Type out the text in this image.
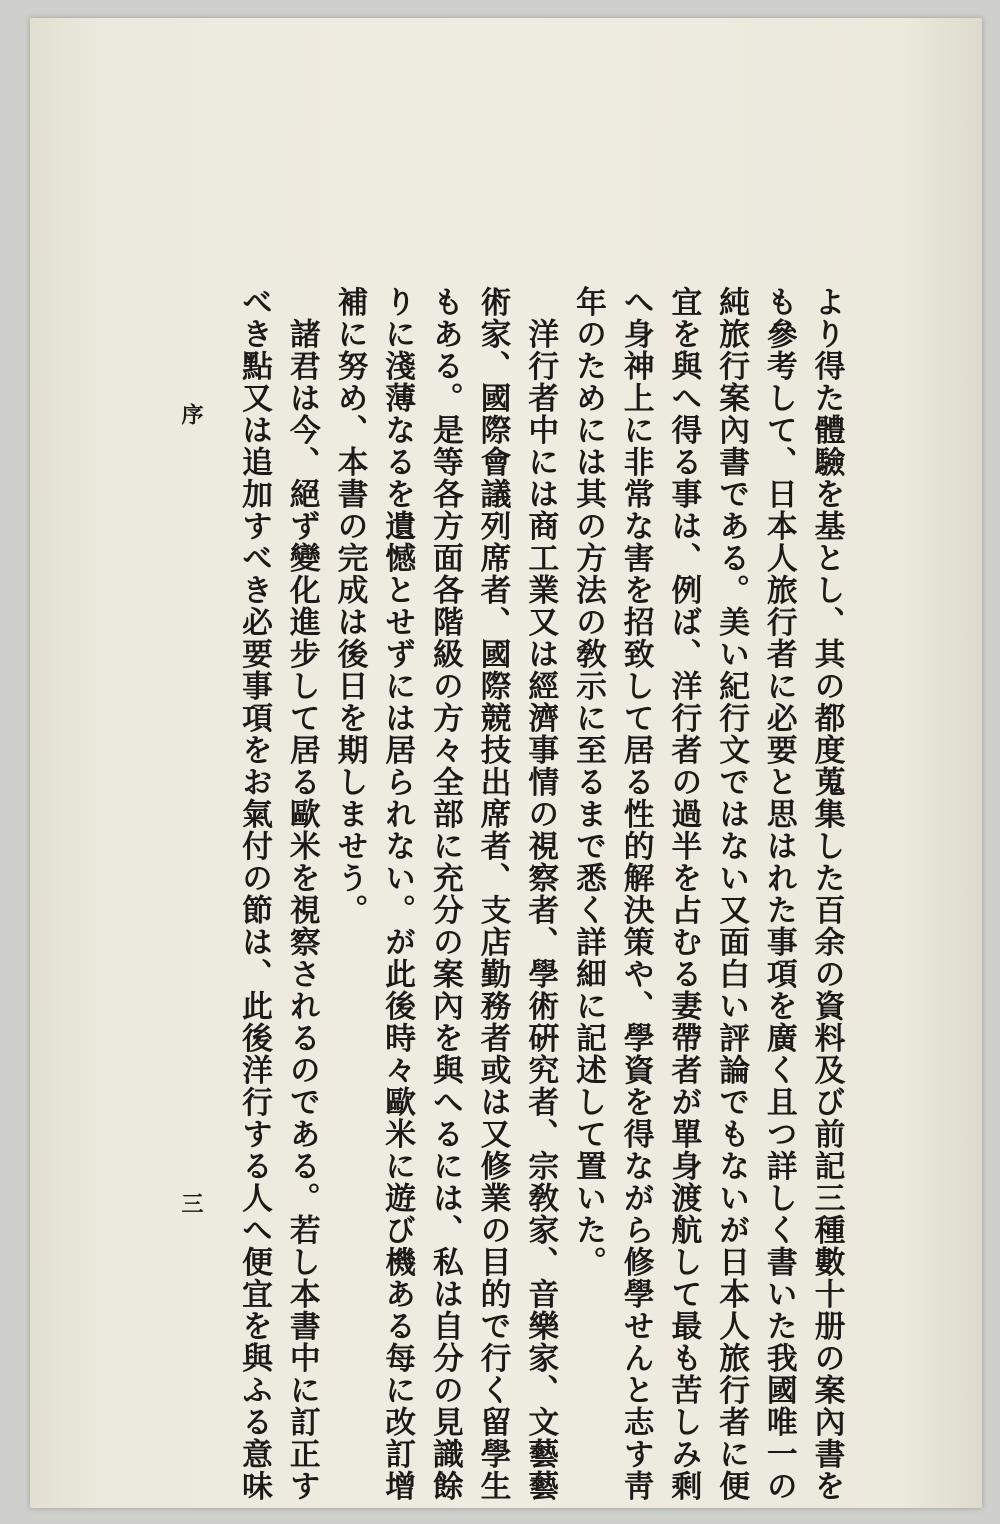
より得た體驗を基とし、其の都度蒐集した百余の資料及び前記三種數十册の案內書を
も參考して、日本人旅行者に必要と思はれた事項を廣く且つ詳しく書いた我國唯一の
純旅行案內書である。美い紀行文ではない又面白い評論でもないが日本人旅行者に便
宜を與へ得る事は、例ば、洋行者の過半を占むる妻帶者が單身渡航して最も苦しみ剩
へ身神上に非常な害を招致して居る性的解決策や、學資を得ながら修學せんと志す靑
年のためには其の方法の敎示に至るまで悉く詳細に記述して置いた。
　洋行者中には商工業又は經濟事情の視察者、學術硏究者、宗敎家、音樂家、文藝藝
術家、國際會議列席者、國際競技出席者、支店勤務者或は又修業の目的で行く留學生
もある。是等各方面各階級の方々全部に充分の案內を與へるには、私は自分の見識餘
りに淺薄なるを遺憾とせずには居られない。が此後時々歐米に遊び機ある每に改訂增
補に努め、本書の完成は後日を期しませう。
　諸君は今、絕ず變化進步して居る歐米を視察されるのである。若し本書中に訂正す
べき點又は追加すべき必要事項をお氣付の節は、此後洋行する人へ便宜を與ふる意味
序
三
